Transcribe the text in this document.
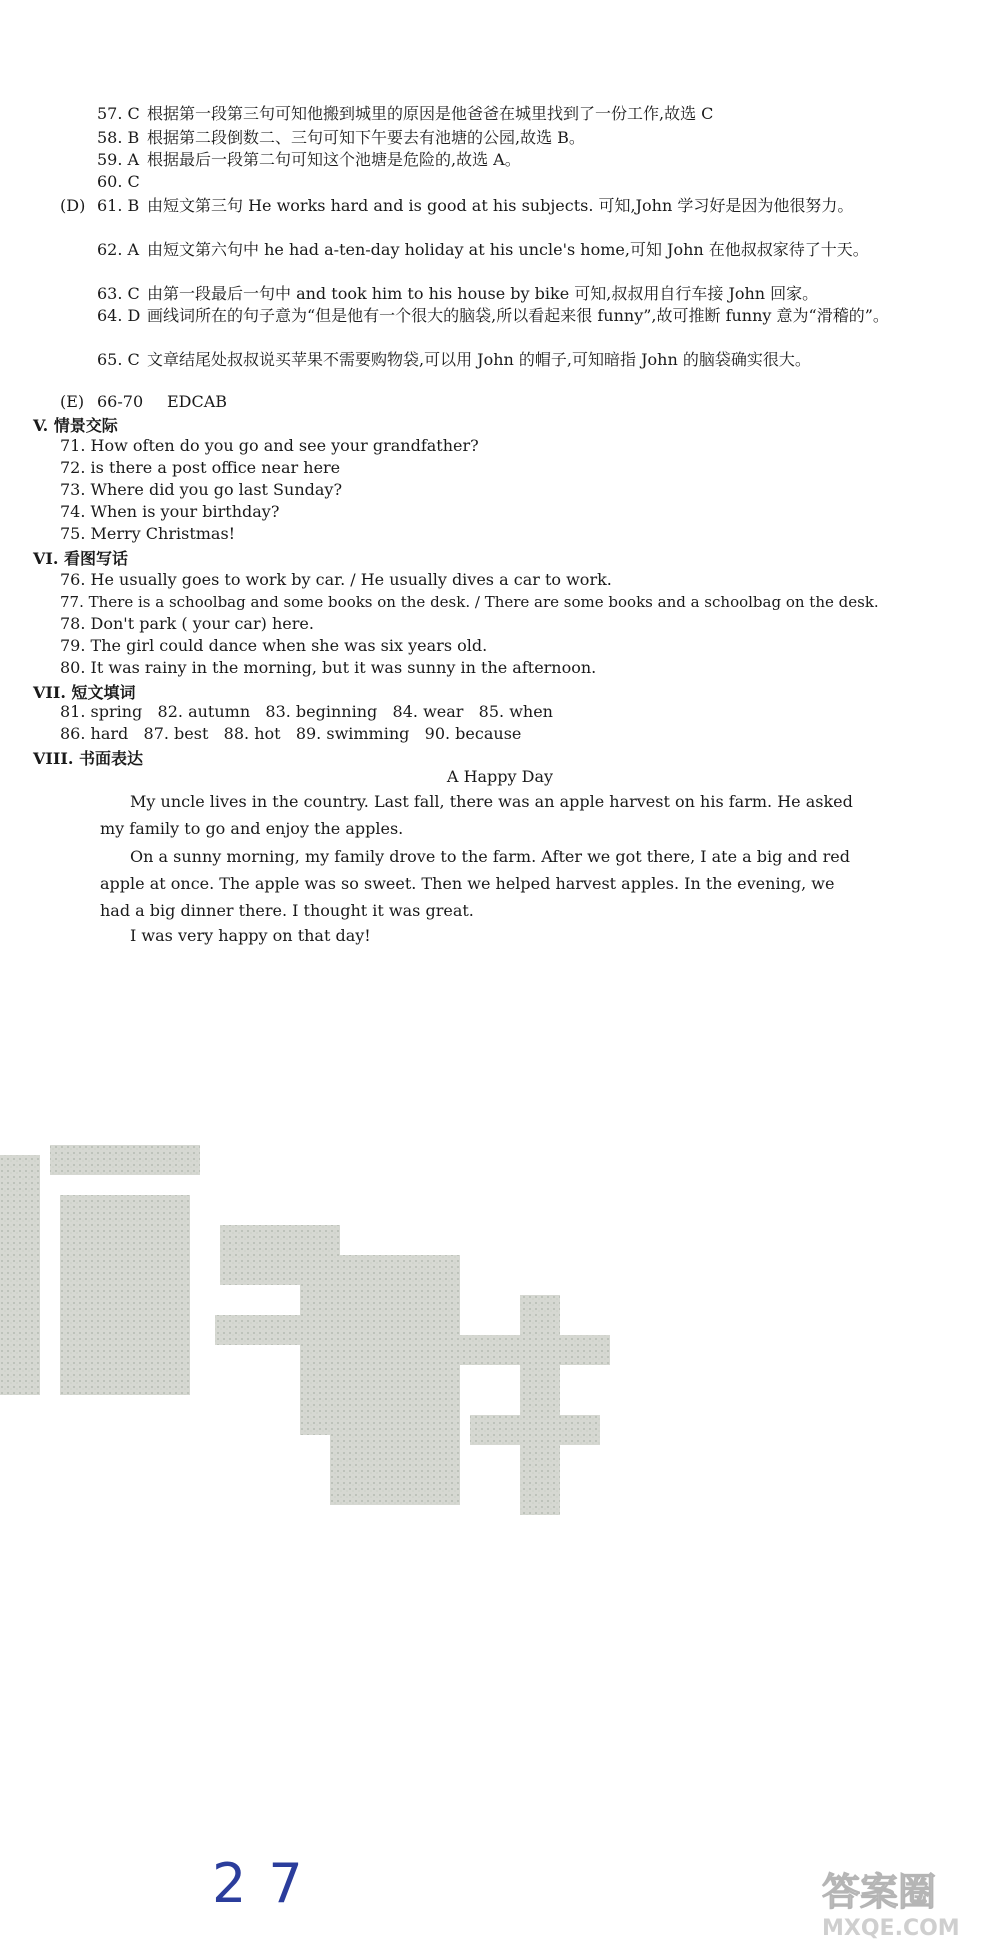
57. C 根据第一段第三句可知他搬到城里的原因是他爸爸在城里找到了一份工作,故选 C
58. B 根据第二段倒数二、三句可知下午要去有池塘的公园,故选 B。
59. A 根据最后一段第二句可知这个池塘是危险的,故选 A。
60. C
(D) 61. B 由短文第三句 He works hard and is good at his subjects. 可知,John 学习好是因为他很努力。
62. A 由短文第六句中 he had a-ten-day holiday at his uncle's home,可知 John 在他叔叔家待了十天。
63. C 由第一段最后一句中 and took him to his house by bike 可知,叔叔用自行车接 John 回家。
64. D 画线词所在的句子意为“但是他有一个很大的脑袋,所以看起来很 funny”,故可推断 funny 意为“滑稽的”。
65. C 文章结尾处叔叔说买苹果不需要购物袋,可以用 John 的帽子,可知暗指 John 的脑袋确实很大。
(E) 66-70 EDCAB
V. 情景交际
71. How often do you go and see your grandfather?
72. is there a post office near here
73. Where did you go last Sunday?
74. When is your birthday?
75. Merry Christmas!
VI. 看图写话
76. He usually goes to work by car. / He usually dives a car to work.
77. There is a schoolbag and some books on the desk. / There are some books and a schoolbag on the desk.
78. Don't park ( your car) here.
79. The girl could dance when she was six years old.
80. It was rainy in the morning, but it was sunny in the afternoon.
VII. 短文填词
81. spring   82. autumn   83. beginning   84. wear   85. when
86. hard   87. best   88. hot   89. swimming   90. because
VIII. 书面表达
A Happy Day
My uncle lives in the country. Last fall, there was an apple harvest on his farm. He asked my family to go and enjoy the apples.
On a sunny morning, my family drove to the farm. After we got there, I ate a big and red apple at once. The apple was so sweet. Then we helped harvest apples. In the evening, we had a big dinner there. I thought it was great.
I was very happy on that day!
27	答案圈
MXQE.COM
